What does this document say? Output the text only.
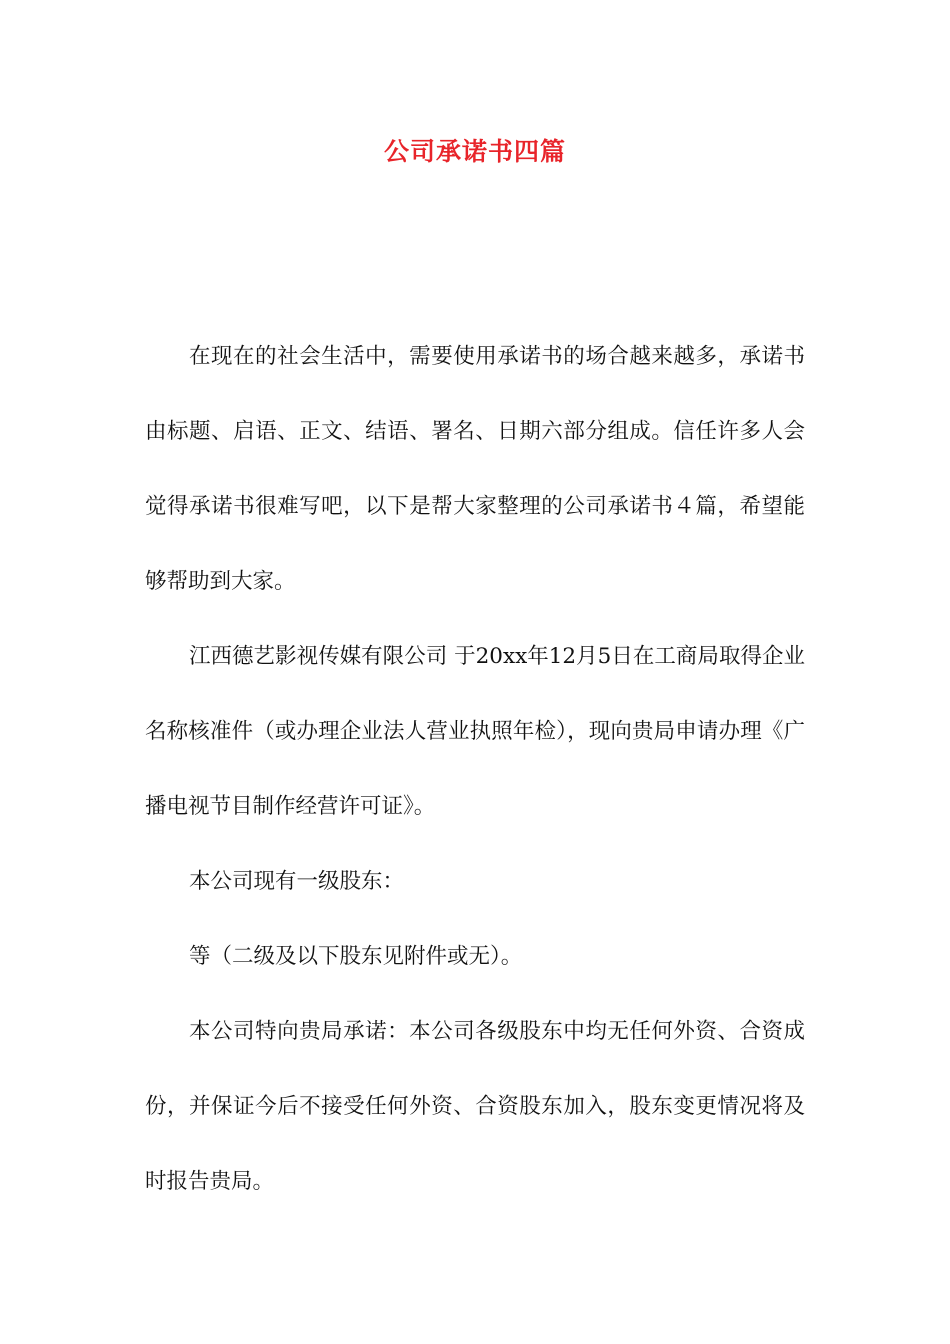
公司承诺书四篇

在现在的社会生活中，需要使用承诺书的场合越来越多，承诺书由标题、启语、正文、结语、署名、日期六部分组成。信任许多人会觉得承诺书很难写吧，以下是帮大家整理的公司承诺书４篇，希望能够帮助到大家。

江西德艺影视传媒有限公司 于20xx年12月5日在工商局取得企业名称核准件（或办理企业法人营业执照年检），现向贵局申请办理《广播电视节目制作经营许可证》。

本公司现有一级股东：

等（二级及以下股东见附件或无）。

本公司特向贵局承诺：本公司各级股东中均无任何外资、合资成份，并保证今后不接受任何外资、合资股东加入，股东变更情况将及时报告贵局。
